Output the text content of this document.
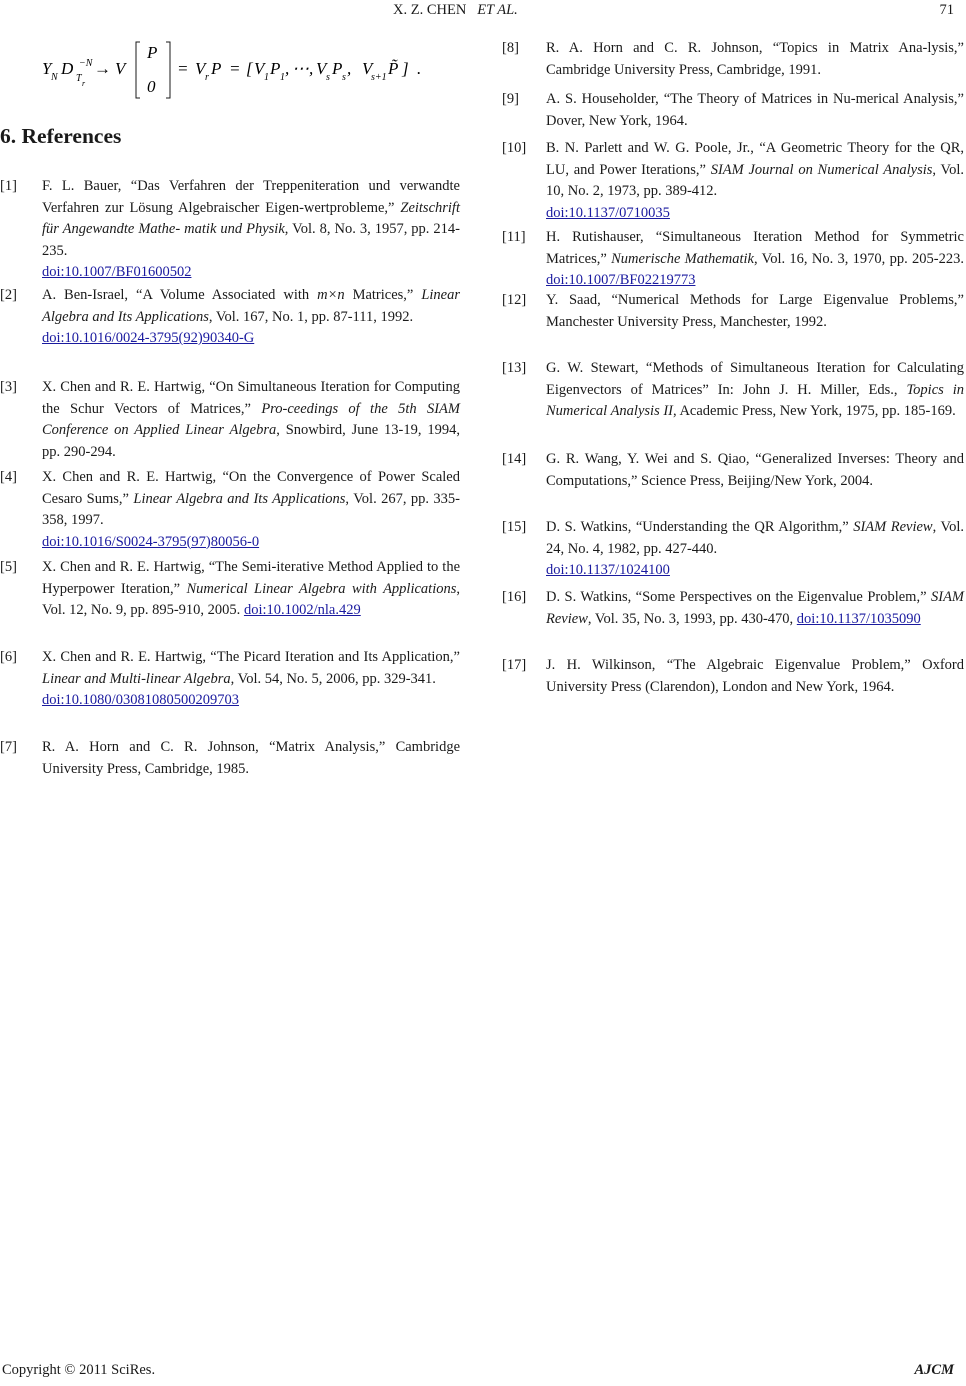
X. Z. CHEN ET AL.	71
Y N D −N
T r
→ V
P
0
= V r P = [ V 1 P 1 , ⋯ , V s P s , V
s+1 P̃ ] .
6. References
[1] F. L. Bauer, “Das Verfahren der Treppeniteration und verwandte Verfahren zur Lösung Algebraischer Eigen-wertprobleme,” Zeitschrift für Angewandte Mathe- matik und Physik, Vol. 8, No. 3, 1957, pp. 214-235.
doi:10.1007/BF01600502
[2] A. Ben-Israel, “A Volume Associated with m×n Matrices,” Linear Algebra and Its Applications, Vol. 167, No. 1, pp. 87-111, 1992.
doi:10.1016/0024-3795(92)90340-G
[3] X. Chen and R. E. Hartwig, “On Simultaneous Iteration for Computing the Schur Vectors of Matrices,” Pro-ceedings of the 5th SIAM Conference on Applied Linear Algebra, Snowbird, June 13-19, 1994, pp. 290-294.
[4] X. Chen and R. E. Hartwig, “On the Convergence of Power Scaled Cesaro Sums,” Linear Algebra and Its Applications, Vol. 267, pp. 335-358, 1997.
doi:10.1016/S0024-3795(97)80056-0
[5] X. Chen and R. E. Hartwig, “The Semi-iterative Method Applied to the Hyperpower Iteration,” Numerical Linear Algebra with Applications, Vol. 12, No. 9, pp. 895-910, 2005. doi:10.1002/nla.429
[6] X. Chen and R. E. Hartwig, “The Picard Iteration and Its Application,” Linear and Multi-linear Algebra, Vol. 54, No. 5, 2006, pp. 329-341.
doi:10.1080/03081080500209703
[7] R. A. Horn and C. R. Johnson, “Matrix Analysis,” Cambridge University Press, Cambridge, 1985.
[8] R. A. Horn and C. R. Johnson, “Topics in Matrix Ana-lysis,” Cambridge University Press, Cambridge, 1991.
[9] A. S. Householder, “The Theory of Matrices in Nu-merical Analysis,” Dover, New York, 1964.
[10] B. N. Parlett and W. G. Poole, Jr., “A Geometric Theory for the QR, LU, and Power Iterations,” SIAM Journal on Numerical Analysis, Vol. 10, No. 2, 1973, pp. 389-412.
doi:10.1137/0710035
[11] H. Rutishauser, “Simultaneous Iteration Method for Symmetric Matrices,” Numerische Mathematik, Vol. 16, No. 3, 1970, pp. 205-223. doi:10.1007/BF02219773
[12] Y. Saad, “Numerical Methods for Large Eigenvalue Problems,” Manchester University Press, Manchester, 1992.
[13] G. W. Stewart, “Methods of Simultaneous Iteration for Calculating Eigenvectors of Matrices” In: John J. H. Miller, Eds., Topics in Numerical Analysis II, Academic Press, New York, 1975, pp. 185-169.
[14] G. R. Wang, Y. Wei and S. Qiao, “Generalized Inverses: Theory and Computations,” Science Press, Beijing/New York, 2004.
[15] D. S. Watkins, “Understanding the QR Algorithm,” SIAM Review, Vol. 24, No. 4, 1982, pp. 427-440.
doi:10.1137/1024100
[16] D. S. Watkins, “Some Perspectives on the Eigenvalue Problem,” SIAM Review, Vol. 35, No. 3, 1993, pp. 430-470, doi:10.1137/1035090
[17] J. H. Wilkinson, “The Algebraic Eigenvalue Problem,” Oxford University Press (Clarendon), London and New York, 1964.
Copyright © 2011 SciRes.	AJCM
